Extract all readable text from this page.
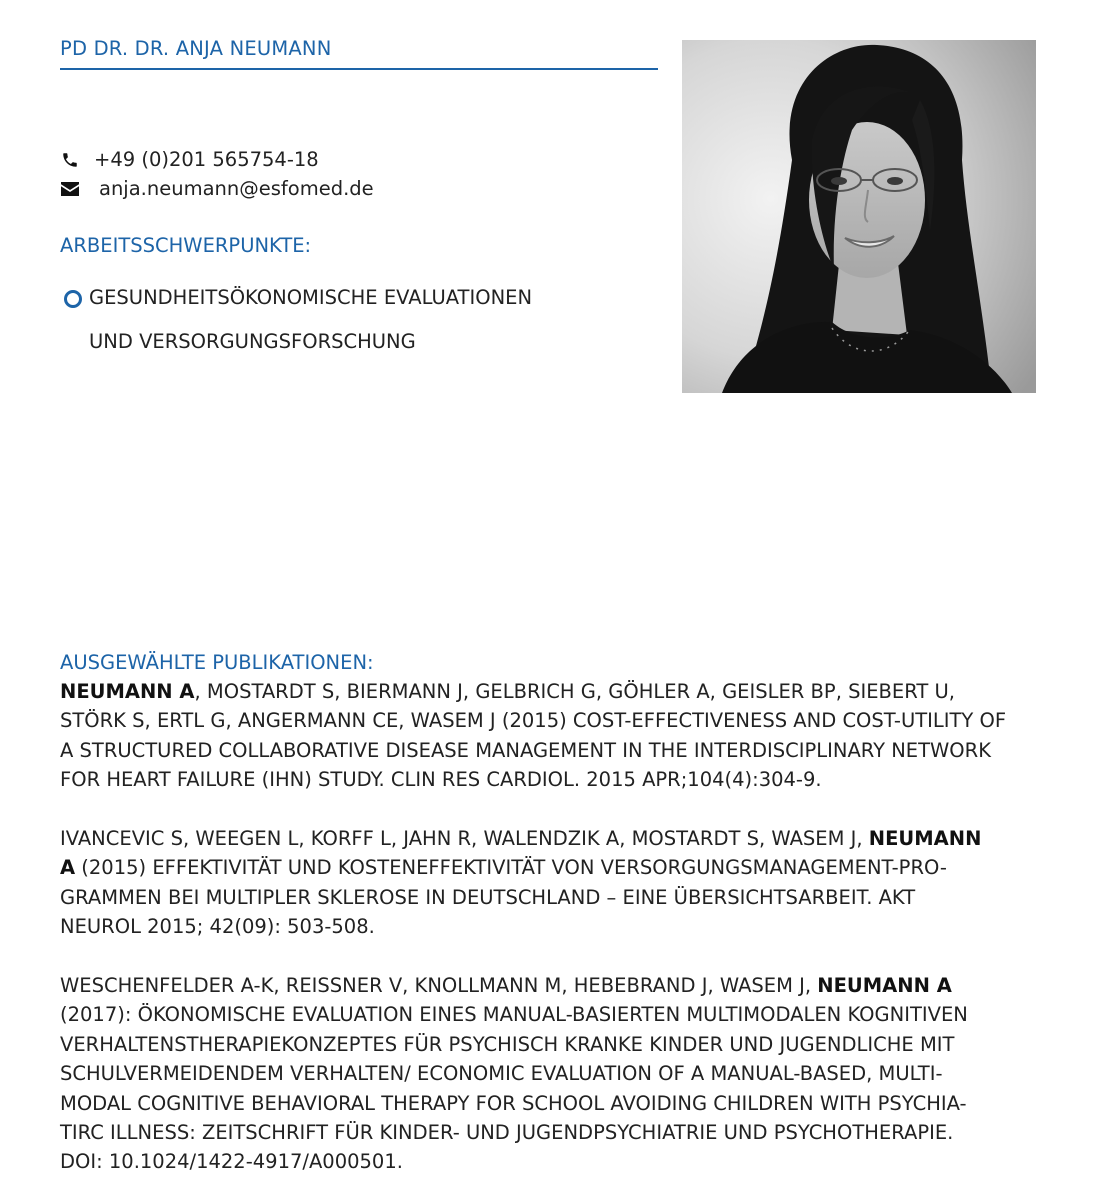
PD DR. DR. ANJA NEUMANN
+49 (0)201 565754-18
anja.neumann@esfomed.de
ARBEITSSCHWERPUNKTE:
GESUNDHEITSÖKONOMISCHE EVALUATIONEN
UND VERSORGUNGSFORSCHUNG
AUSGEWÄHLTE PUBLIKATIONEN:

NEUMANN A, MOSTARDT S, BIERMANN J, GELBRICH G, GÖHLER A, GEISLER BP, SIEBERT U,
STÖRK S, ERTL G, ANGERMANN CE, WASEM J (2015) COST-EFFECTIVENESS AND COST-UTILITY OF
A STRUCTURED COLLABORATIVE DISEASE MANAGEMENT IN THE INTERDISCIPLINARY NETWORK
FOR HEART FAILURE (IHN) STUDY. CLIN RES CARDIOL. 2015 APR;104(4):304-9.

IVANCEVIC S, WEEGEN L, KORFF L, JAHN R, WALENDZIK A, MOSTARDT S, WASEM J, NEUMANN
A (2015) EFFEKTIVITÄT UND KOSTENEFFEKTIVITÄT VON VERSORGUNGSMANAGEMENT-PRO-
GRAMMEN BEI MULTIPLER SKLEROSE IN DEUTSCHLAND – EINE ÜBERSICHTSARBEIT. AKT
NEUROL 2015; 42(09): 503-508.

WESCHENFELDER A-K, REISSNER V, KNOLLMANN M, HEBEBRAND J, WASEM J, NEUMANN A
(2017): ÖKONOMISCHE EVALUATION EINES MANUAL-BASIERTEN MULTIMODALEN KOGNITIVEN
VERHALTENSTHERAPIEKONZEPTES FÜR PSYCHISCH KRANKE KINDER UND JUGENDLICHE MIT
SCHULVERMEIDENDEM VERHALTEN/ ECONOMIC EVALUATION OF A MANUAL-BASED, MULTI-
MODAL COGNITIVE BEHAVIORAL THERAPY FOR SCHOOL AVOIDING CHILDREN WITH PSYCHIA-
TIRC ILLNESS: ZEITSCHRIFT FÜR KINDER- UND JUGENDPSYCHIATRIE UND PSYCHOTHERAPIE.
DOI: 10.1024/1422-4917/A000501.
